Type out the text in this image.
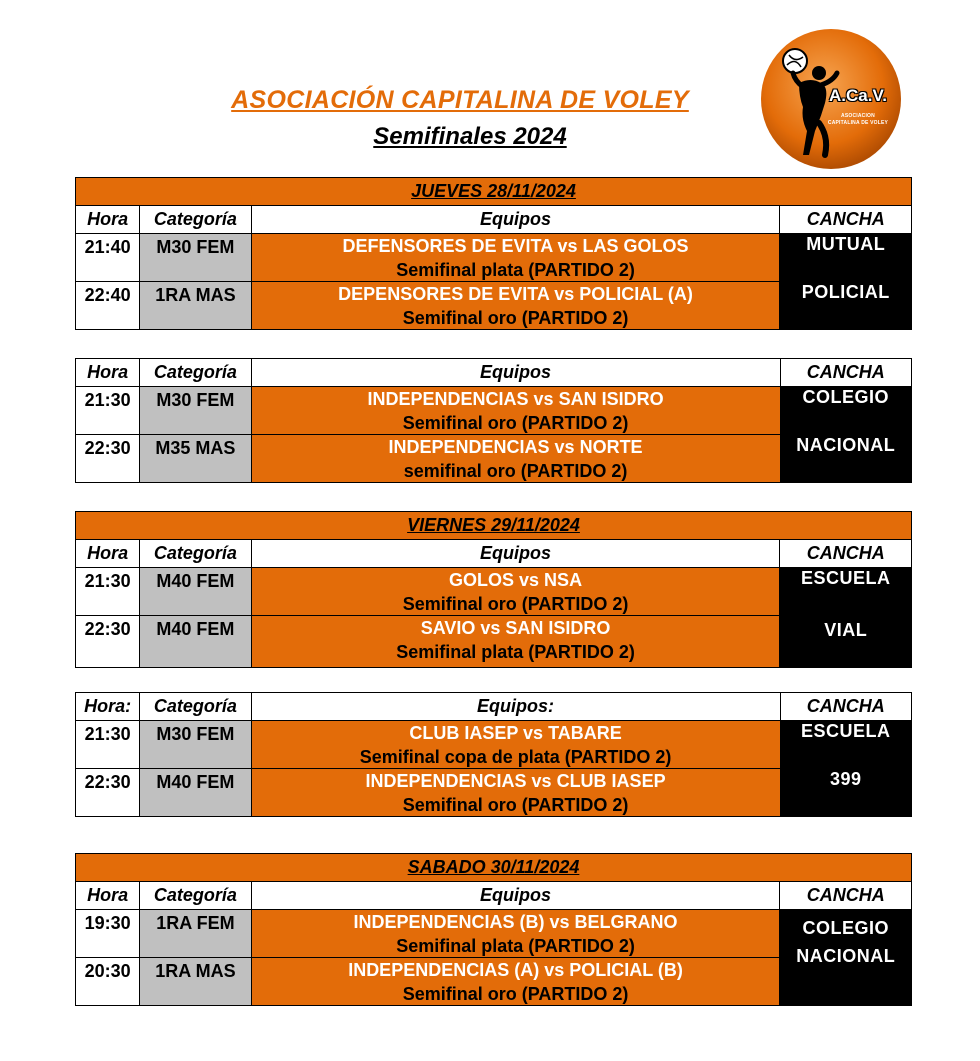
ASOCIACIÓN CAPITALINA DE VOLEY
Semifinales 2024
A.Ca.V.
ASOCIACION CAPITALINA DE VOLEY
JUEVES 28/11/2024			
Hora	Categoría	Equipos	CANCHA
21:40	M30 FEM	DEFENSORES DE EVITA vs LAS GOLOS
Semifinal plata (PARTIDO 2)	MUTUAL
22:40	1RA MAS	DEPENSORES DE EVITA vs POLICIAL (A)
Semifinal oro (PARTIDO 2)	POLICIAL
Hora	Categoría	Equipos	CANCHA
21:30	M30 FEM	INDEPENDENCIAS vs SAN ISIDRO
Semifinal oro (PARTIDO 2)	COLEGIO
22:30	M35 MAS	INDEPENDENCIAS vs NORTE
semifinal oro (PARTIDO 2)	NACIONAL
VIERNES 29/11/2024			
Hora	Categoría	Equipos	CANCHA
21:30	M40 FEM	GOLOS vs NSA
Semifinal oro (PARTIDO 2)	ESCUELA
22:30	M40 FEM	SAVIO vs SAN ISIDRO
Semifinal plata (PARTIDO 2)	VIAL
Hora:	Categoría	Equipos:	CANCHA
21:30	M30 FEM	CLUB IASEP vs TABARE
Semifinal copa de plata (PARTIDO 2)	ESCUELA
22:30	M40 FEM	INDEPENDENCIAS vs CLUB IASEP
Semifinal oro (PARTIDO 2)	399
SABADO 30/11/2024			
Hora	Categoría	Equipos	CANCHA
19:30	1RA FEM	INDEPENDENCIAS (B) vs BELGRANO
Semifinal plata (PARTIDO 2)	COLEGIO
NACIONAL

20:30	1RA MAS	INDEPENDENCIAS (A) vs POLICIAL (B)
Semifinal oro (PARTIDO 2)	
